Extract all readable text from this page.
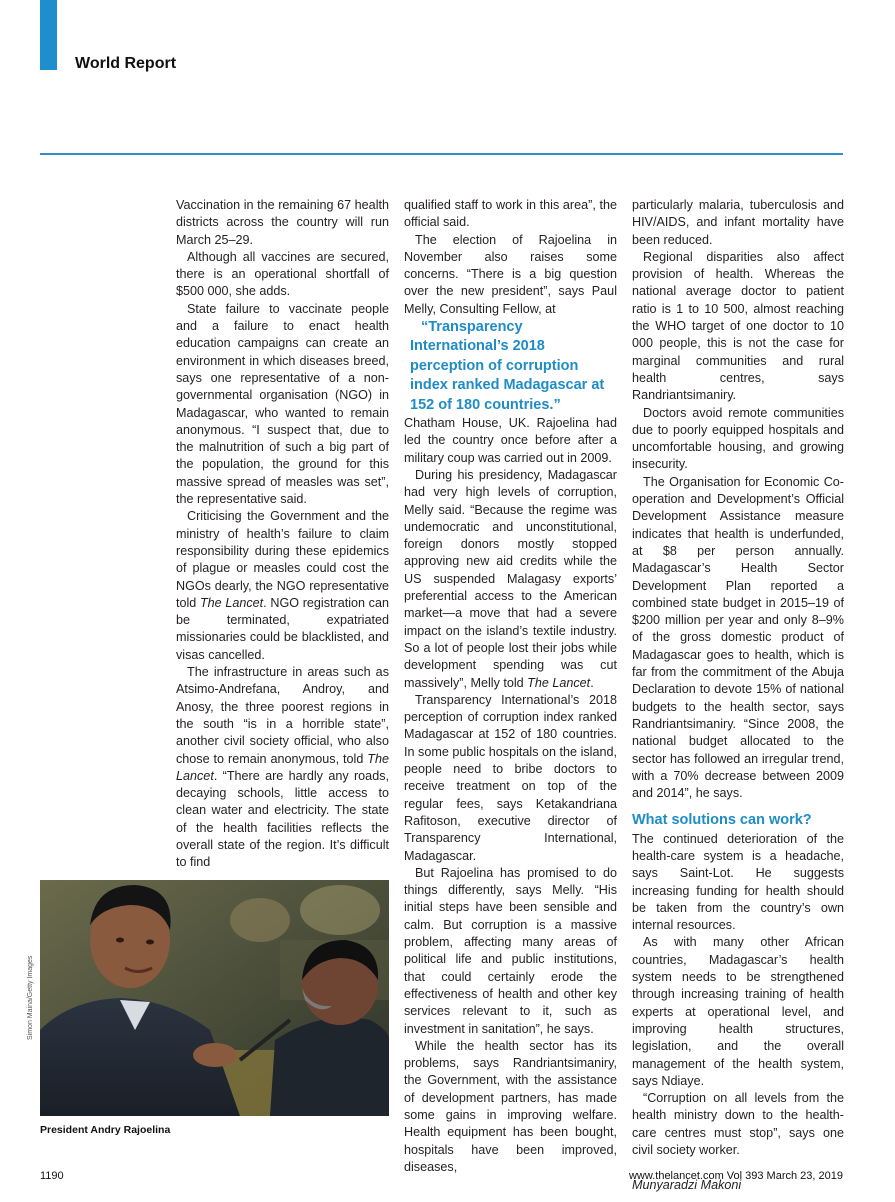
World Report

Vaccination in the remaining 67 health districts across the country will run March 25–29.

Although all vaccines are secured, there is an operational shortfall of $500 000, she adds.

State failure to vaccinate people and a failure to enact health education campaigns can create an environment in which diseases breed, says one representative of a non-governmental organisation (NGO) in Madagascar, who wanted to remain anonymous. “I suspect that, due to the malnutrition of such a big part of the population, the ground for this massive spread of measles was set”, the representative said.

Criticising the Government and the ministry of health’s failure to claim responsibility during these epidemics of plague or measles could cost the NGOs dearly, the NGO representative told The Lancet. NGO registration can be terminated, expatriated missionaries could be blacklisted, and visas cancelled.

The infrastructure in areas such as Atsimo-Andrefana, Androy, and Anosy, the three poorest regions in the south “is in a horrible state”, another civil society official, who also chose to remain anonymous, told The Lancet. “There are hardly any roads, decaying schools, little access to clean water and electricity. The state of the health facilities reflects the overall state of the region. It’s difficult to find

qualified staff to work in this area”, the official said.

The election of Rajoelina in November also raises some concerns. “There is a big question over the new president”, says Paul Melly, Consulting Fellow, at

“Transparency International’s 2018 perception of corruption index ranked Madagascar at 152 of 180 countries.”

Chatham House, UK. Rajoelina had led the country once before after a military coup was carried out in 2009.

During his presidency, Madagascar had very high levels of corruption, Melly said. “Because the regime was undemocratic and unconstitutional, foreign donors mostly stopped approving new aid credits while the US suspended Malagasy exports’ preferential access to the American market—a move that had a severe impact on the island’s textile industry. So a lot of people lost their jobs while development spending was cut massively”, Melly told The Lancet.

Transparency International’s 2018 perception of corruption index ranked Madagascar at 152 of 180 countries. In some public hospitals on the island, people need to bribe doctors to receive treatment on top of the regular fees, says Ketakandriana Rafitoson, executive director of Transparency International, Madagascar.

But Rajoelina has promised to do things differently, says Melly. “His initial steps have been sensible and calm. But corruption is a massive problem, affecting many areas of political life and public institutions, that could certainly erode the effectiveness of health and other key services relevant to it, such as investment in sanitation”, he says.

While the health sector has its problems, says Randriantsimaniry, the Government, with the assistance of development partners, has made some gains in improving welfare. Health equipment has been bought, hospitals have been improved, diseases,

particularly malaria, tuberculosis and HIV/AIDS, and infant mortality have been reduced.

Regional disparities also affect provision of health. Whereas the national average doctor to patient ratio is 1 to 10 500, almost reaching the WHO target of one doctor to 10 000 people, this is not the case for marginal communities and rural health centres, says Randriantsimaniry.

Doctors avoid remote communities due to poorly equipped hospitals and uncomfortable housing, and growing insecurity.

The Organisation for Economic Co-operation and Development’s Official Development Assistance measure indicates that health is underfunded, at $8 per person annually. Madagascar’s Health Sector Development Plan reported a combined state budget in 2015–19 of $200 million per year and only 8–9% of the gross domestic product of Madagascar goes to health, which is far from the commitment of the Abuja Declaration to devote 15% of national budgets to the health sector, says Randriantsimaniry. “Since 2008, the national budget allocated to the sector has followed an irregular trend, with a 70% decrease between 2009 and 2014”, he says.

What solutions can work?

The continued deterioration of the health-care system is a headache, says Saint-Lot. He suggests increasing funding for health should be taken from the country’s own internal resources.

As with many other African countries, Madagascar’s health system needs to be strengthened through increasing training of health experts at operational level, and improving health structures, legislation, and the overall management of the health system, says Ndiaye.

“Corruption on all levels from the health ministry down to the health-care centres must stop”, says one civil society worker.

Munyaradzi Makoni

Simon Maina/Getty Images
President Andry Rajoelina
1190	www.thelancet.com Vol 393 March 23, 2019
